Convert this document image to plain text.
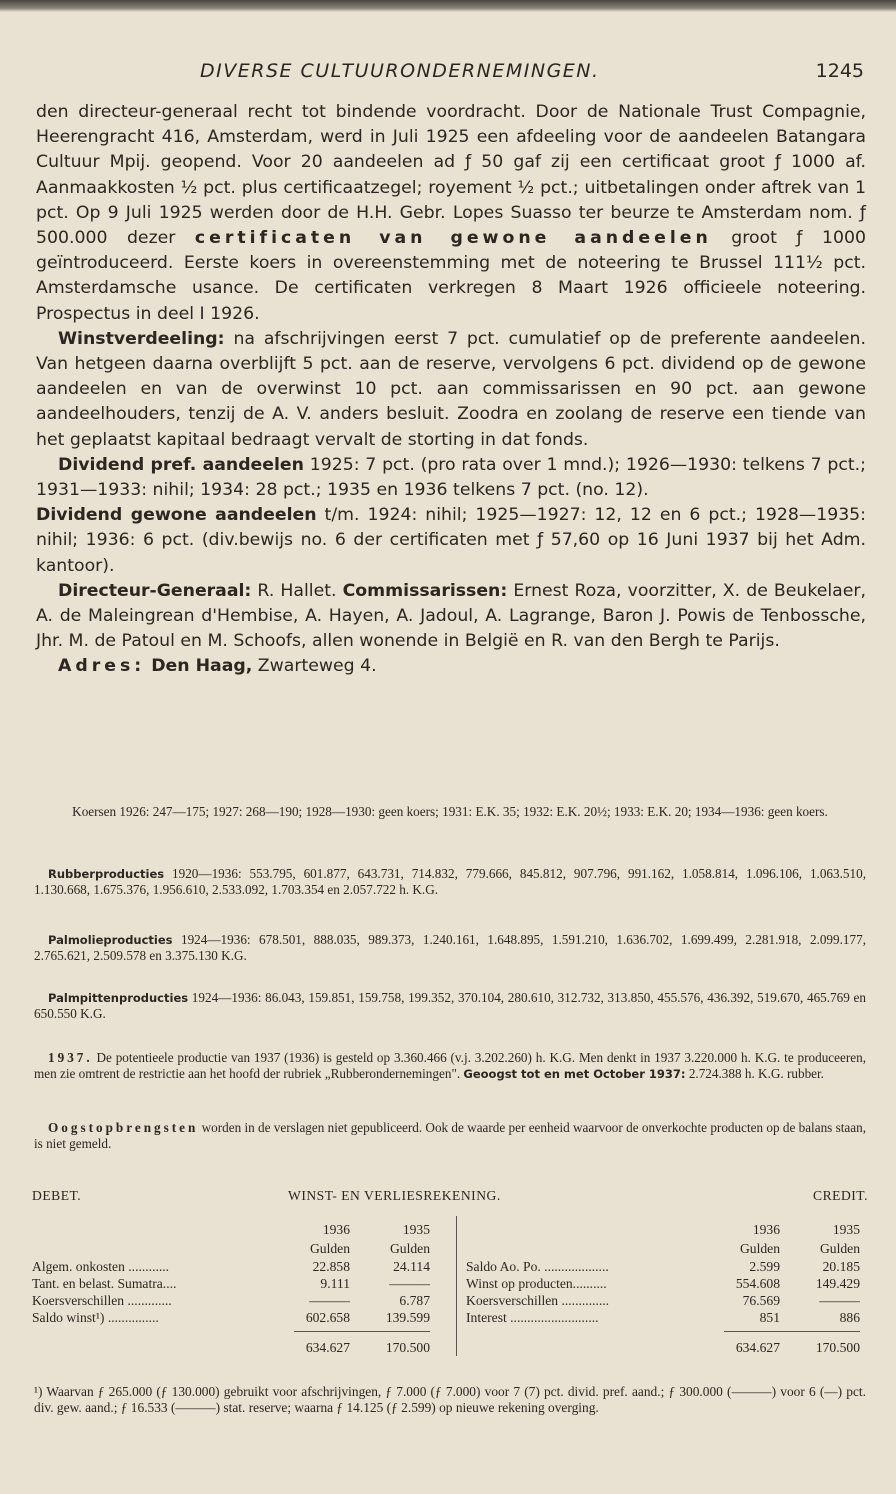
DIVERSE CULTUURONDERNEMINGEN.	1245

den directeur-generaal recht tot bindende voordracht. Door de Nationale Trust Compagnie, Heerengracht 416, Amsterdam, werd in Juli 1925 een afdeeling voor de aandeelen Batangara Cultuur Mpij. geopend. Voor 20 aandeelen ad ƒ 50 gaf zij een certificaat groot ƒ 1000 af. Aanmaakkosten ½ pct. plus certificaatzegel; royement ½ pct.; uitbetalingen onder aftrek van 1 pct. Op 9 Juli 1925 werden door de H.H. Gebr. Lopes Suasso ter beurze te Amsterdam nom. ƒ 500.000 dezer certificaten van gewone aandeelen groot ƒ 1000 geïntroduceerd. Eerste koers in overeenstemming met de noteering te Brussel 111½ pct. Amsterdamsche usance. De certificaten verkregen 8 Maart 1926 officieele noteering. Prospectus in deel I 1926.

Winstverdeeling: na afschrijvingen eerst 7 pct. cumulatief op de preferente aandeelen. Van hetgeen daarna overblijft 5 pct. aan de reserve, vervolgens 6 pct. dividend op de gewone aandeelen en van de overwinst 10 pct. aan commissarissen en 90 pct. aan gewone aandeelhouders, tenzij de A. V. anders besluit. Zoodra en zoolang de reserve een tiende van het geplaatst kapitaal bedraagt vervalt de storting in dat fonds.

Dividend pref. aandeelen 1925: 7 pct. (pro rata over 1 mnd.); 1926—1930: telkens 7 pct.; 1931—1933: nihil; 1934: 28 pct.; 1935 en 1936 telkens 7 pct. (no. 12).

Dividend gewone aandeelen t/m. 1924: nihil; 1925—1927: 12, 12 en 6 pct.; 1928—1935: nihil; 1936: 6 pct. (div.bewijs no. 6 der certificaten met ƒ 57,60 op 16 Juni 1937 bij het Adm. kantoor).

Directeur-Generaal: R. Hallet. Commissarissen: Ernest Roza, voorzitter, X. de Beukelaer, A. de Maleingrean d'Hembise, A. Hayen, A. Jadoul, A. Lagrange, Baron J. Powis de Tenbossche, Jhr. M. de Patoul en M. Schoofs, allen wonende in België en R. van den Bergh te Parijs.

Adres: Den Haag, Zwarteweg 4.

Koersen 1926: 247—175; 1927: 268—190; 1928—1930: geen koers; 1931: E.K. 35; 1932: E.K. 20½; 1933: E.K. 20; 1934—1936: geen koers.
Rubberproducties 1920—1936: 553.795, 601.877, 643.731, 714.832, 779.666, 845.812, 907.796, 991.162, 1.058.814, 1.096.106, 1.063.510, 1.130.668, 1.675.376, 1.956.610, 2.533.092, 1.703.354 en 2.057.722 h. K.G.
Palmolieproducties 1924—1936: 678.501, 888.035, 989.373, 1.240.161, 1.648.895, 1.591.210, 1.636.702, 1.699.499, 2.281.918, 2.099.177, 2.765.621, 2.509.578 en 3.375.130 K.G.
Palmpittenproducties 1924—1936: 86.043, 159.851, 159.758, 199.352, 370.104, 280.610, 312.732, 313.850, 455.576, 436.392, 519.670, 465.769 en 650.550 K.G.
1937. De potentieele productie van 1937 (1936) is gesteld op 3.360.466 (v.j. 3.202.260) h. K.G. Men denkt in 1937 3.220.000 h. K.G. te produceeren, men zie omtrent de restrictie aan het hoofd der rubriek „Rubberondernemingen". Geoogst tot en met October 1937: 2.724.388 h. K.G. rubber.
Oogstopbrengsten worden in de verslagen niet gepubliceerd. Ook de waarde per eenheid waarvoor de onverkochte producten op de balans staan, is niet gemeld.
DEBET.	WINST- EN VERLIESREKENING.	CREDIT.
1936	1935
Gulden	Gulden
1936	1935
Gulden	Gulden
Algem. onkosten ............	22.858	24.114
Tant. en belast. Sumatra....	9.111	———
Koersverschillen .............	———	6.787
Saldo winst¹) ...............	602.658	139.599
Saldo Ao. Po. ...................	2.599	20.185
Winst op producten..........	554.608	149.429
Koersverschillen ..............	76.569	———
Interest ..........................	851	886
634.627	170.500	634.627	170.500
¹) Waarvan ƒ 265.000 (ƒ 130.000) gebruikt voor afschrijvingen, ƒ 7.000 (ƒ 7.000) voor 7 (7) pct. divid. pref. aand.; ƒ 300.000 (———) voor 6 (—) pct. div. gew. aand.; ƒ 16.533 (———) stat. reserve; waarna ƒ 14.125 (ƒ 2.599) op nieuwe rekening overging.
